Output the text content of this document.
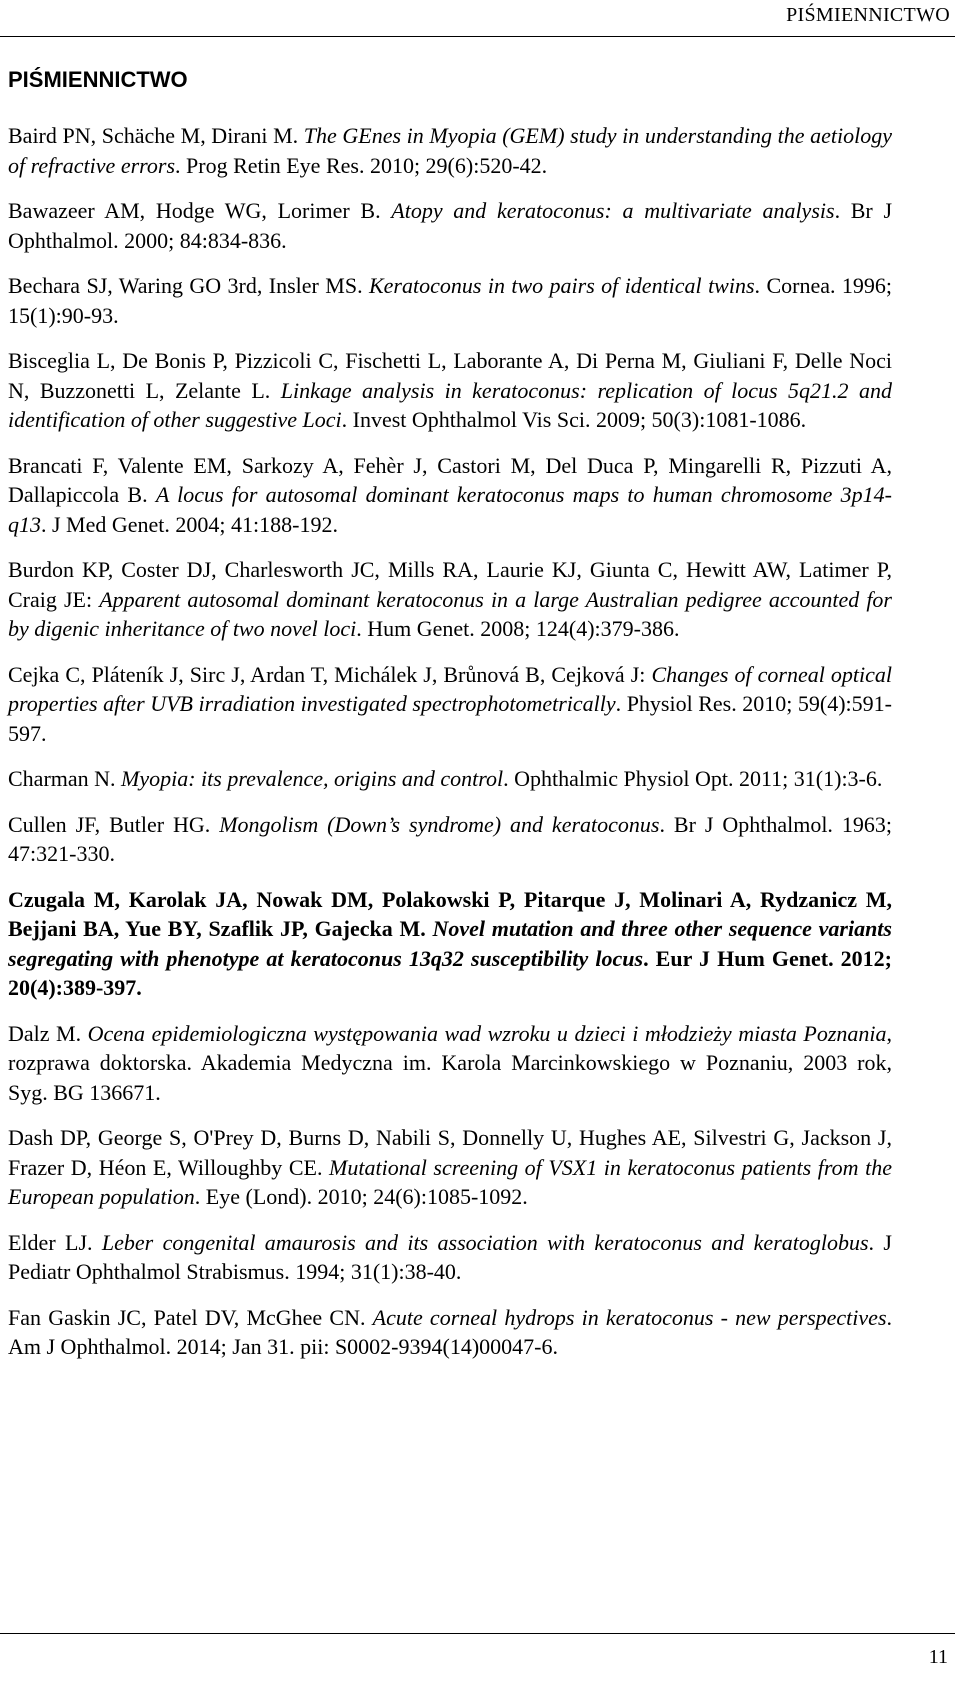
PIŚMIENNICTWO
PIŚMIENNICTWO

Baird PN, Schäche M, Dirani M. The GEnes in Myopia (GEM) study in understanding the aetiology of refractive errors. Prog Retin Eye Res. 2010; 29(6):520-42.

Bawazeer AM, Hodge WG, Lorimer B. Atopy and keratoconus: a multivariate analysis. Br J Ophthalmol. 2000; 84:834-836.

Bechara SJ, Waring GO 3rd, Insler MS. Keratoconus in two pairs of identical twins. Cornea. 1996; 15(1):90-93.

Bisceglia L, De Bonis P, Pizzicoli C, Fischetti L, Laborante A, Di Perna M, Giuliani F, Delle Noci N, Buzzonetti L, Zelante L. Linkage analysis in keratoconus: replication of locus 5q21.2 and identification of other suggestive Loci. Invest Ophthalmol Vis Sci. 2009; 50(3):1081-1086.

Brancati F, Valente EM, Sarkozy A, Fehèr J, Castori M, Del Duca P, Mingarelli R, Pizzuti A, Dallapiccola B. A locus for autosomal dominant keratoconus maps to human chromosome 3p14-q13. J Med Genet. 2004; 41:188-192.

Burdon KP, Coster DJ, Charlesworth JC, Mills RA, Laurie KJ, Giunta C, Hewitt AW, Latimer P, Craig JE: Apparent autosomal dominant keratoconus in a large Australian pedigree accounted for by digenic inheritance of two novel loci. Hum Genet. 2008; 124(4):379-386.

Cejka C, Pláteník J, Sirc J, Ardan T, Michálek J, Brůnová B, Cejková J: Changes of corneal optical properties after UVB irradiation investigated spectrophotometrically. Physiol Res. 2010; 59(4):591-597.

Charman N. Myopia: its prevalence, origins and control. Ophthalmic Physiol Opt. 2011; 31(1):3-6.

Cullen JF, Butler HG. Mongolism (Down’s syndrome) and keratoconus. Br J Ophthalmol. 1963; 47:321-330.

Czugala M, Karolak JA, Nowak DM, Polakowski P, Pitarque J, Molinari A, Rydzanicz M, Bejjani BA, Yue BY, Szaflik JP, Gajecka M. Novel mutation and three other sequence variants segregating with phenotype at keratoconus 13q32 susceptibility locus. Eur J Hum Genet. 2012; 20(4):389-397.

Dalz M. Ocena epidemiologiczna występowania wad wzroku u dzieci i młodzieży miasta Poznania, rozprawa doktorska. Akademia Medyczna im. Karola Marcinkowskiego w Poznaniu, 2003 rok, Syg. BG 136671.

Dash DP, George S, O'Prey D, Burns D, Nabili S, Donnelly U, Hughes AE, Silvestri G, Jackson J, Frazer D, Héon E, Willoughby CE. Mutational screening of VSX1 in keratoconus patients from the European population. Eye (Lond). 2010; 24(6):1085-1092.

Elder LJ. Leber congenital amaurosis and its association with keratoconus and keratoglobus. J Pediatr Ophthalmol Strabismus. 1994; 31(1):38-40.

Fan Gaskin JC, Patel DV, McGhee CN. Acute corneal hydrops in keratoconus - new perspectives. Am J Ophthalmol. 2014; Jan 31. pii: S0002-9394(14)00047-6.

11
